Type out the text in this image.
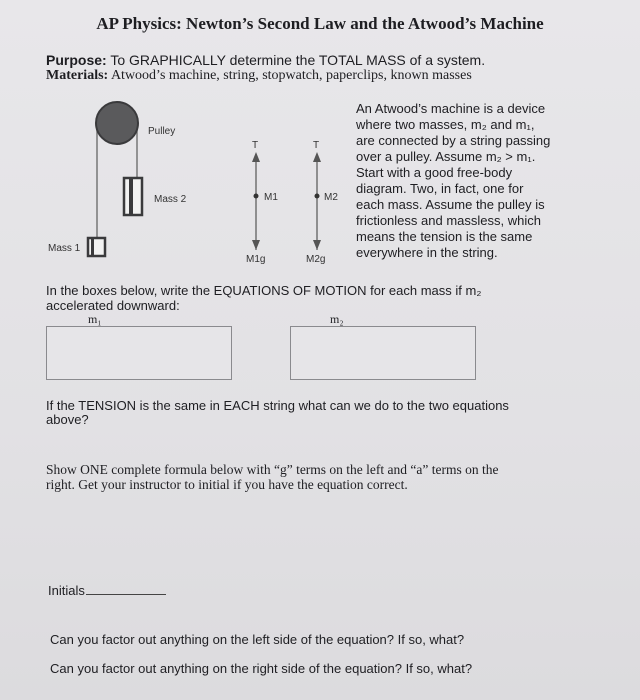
AP Physics: Newton’s Second Law and the Atwood’s Machine
Purpose: To GRAPHICALLY determine the TOTAL MASS of a system.
Materials: Atwood’s machine, string, stopwatch, paperclips, known masses
Pulley
Mass 2
Mass 1
T	T
M1	M2
M1g	M2g
An Atwood’s machine is a device
where two masses, m₂ and m₁,
are connected by a string passing
over a pulley. Assume m₂ > m₁.
Start with a good free-body
diagram. Two, in fact, one for
each mass. Assume the pulley is
frictionless and massless, which
means the tension is the same
everywhere in the string.
In the boxes below, write the EQUATIONS OF MOTION for each mass if m₂
accelerated downward:
m₁	m₂
If the TENSION is the same in EACH string what can we do to the two equations
above?
Show ONE complete formula below with “g” terms on the left and “a” terms on the
right. Get your instructor to initial if you have the equation correct.
Initials
Can you factor out anything on the left side of the equation? If so, what?
Can you factor out anything on the right side of the equation? If so, what?
